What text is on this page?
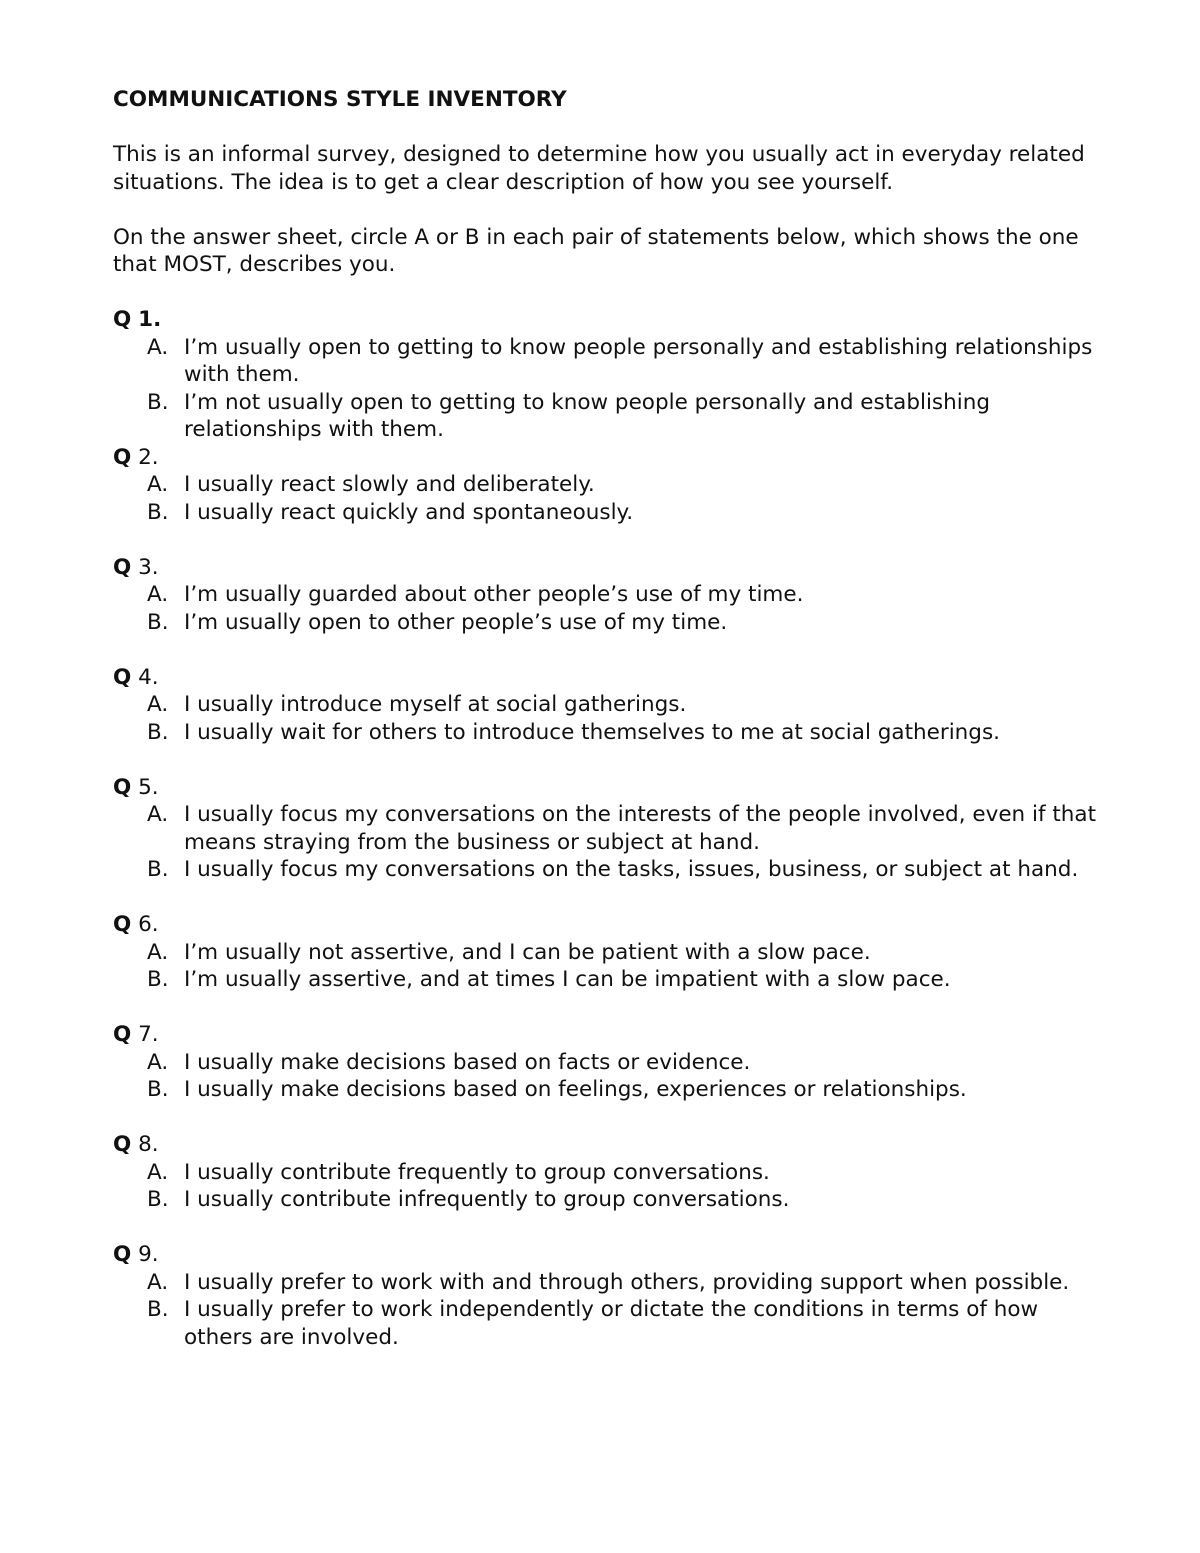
COMMUNICATIONS STYLE INVENTORY

This is an informal survey, designed to determine how you usually act in everyday related situations. The idea is to get a clear description of how you see yourself.

On the answer sheet, circle A or B in each pair of statements below, which shows the one that MOST, describes you.

Q 1.
A. I’m usually open to getting to know people personally and establishing relationships with them.
B. I’m not usually open to getting to know people personally and establishing relationships with them.
Q 2.
A. I usually react slowly and deliberately.
B. I usually react quickly and spontaneously.
Q 3.
A. I’m usually guarded about other people’s use of my time.
B. I’m usually open to other people’s use of my time.
Q 4.
A. I usually introduce myself at social gatherings.
B. I usually wait for others to introduce themselves to me at social gatherings.
Q 5.
A. I usually focus my conversations on the interests of the people involved, even if that means straying from the business or subject at hand.
B. I usually focus my conversations on the tasks, issues, business, or subject at hand.
Q 6.
A. I’m usually not assertive, and I can be patient with a slow pace.
B. I’m usually assertive, and at times I can be impatient with a slow pace.
Q 7.
A. I usually make decisions based on facts or evidence.
B. I usually make decisions based on feelings, experiences or relationships.
Q 8.
A. I usually contribute frequently to group conversations.
B. I usually contribute infrequently to group conversations.
Q 9.
A. I usually prefer to work with and through others, providing support when possible.
B. I usually prefer to work independently or dictate the conditions in terms of how others are involved.
